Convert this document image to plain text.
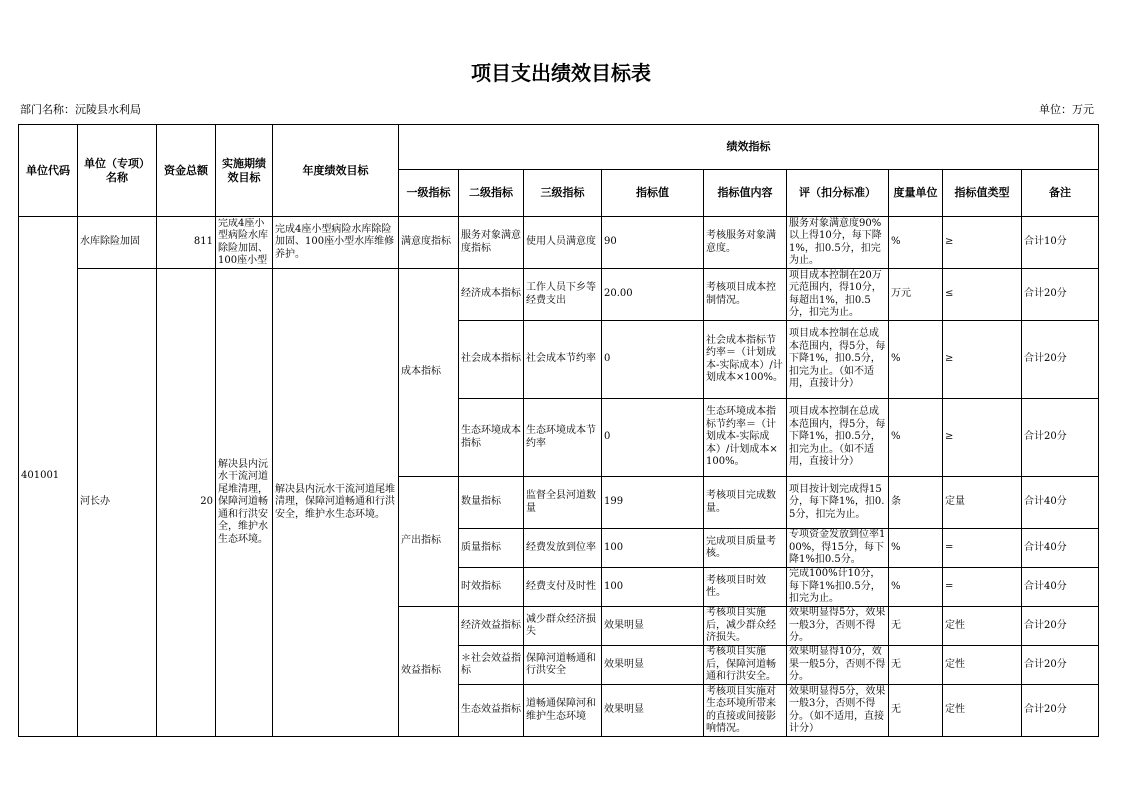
项目支出绩效目标表
部门名称：沅陵县水利局	单位：万元
单位代码	单位（专项）名称	资金总额	实施期绩效目标	年度绩效目标	绩效指标								
					一级指标	二级指标	三级指标	指标值	指标值内容	评（扣分标准）	度量单位	指标值类型	备注
401001	水库除险加固	811	完成4座小型病险水库除险加固、100座小型	完成4座小型病险水库除险加固、100座小型水库维修养护。	满意度指标	服务对象满意度指标	使用人员满意度	90	考核服务对象满意度。	服务对象满意度90%以上得10分，每下降1%，扣0.5分，扣完为止。	%	≥	合计10分
	河长办	20	解决县内沅水干流河道尾堆清理，保障河道畅通和行洪安全，维护水生态环境。	解决县内沅水干流河道尾堆清理，保障河道畅通和行洪安全，维护水生态环境。	成本指标	经济成本指标	工作人员下乡等经费支出	20.00	考核项目成本控制情况。	项目成本控制在20万元范围内，得10分，每超出1%，扣0.5分，扣完为止。	万元	≤	合计20分
						社会成本指标	社会成本节约率	0	社会成本指标节约率＝（计划成本-实际成本）/计划成本×100%。	项目成本控制在总成本范围内，得5分，每下降1%，扣0.5分，扣完为止。（如不适用，直接计分）	%	≥	合计20分
						生态环境成本指标	生态环境成本节约率	0	生态环境成本指标节约率＝（计划成本-实际成本）/计划成本×100%。	项目成本控制在总成本范围内，得5分，每下降1%，扣0.5分，扣完为止。（如不适用，直接计分）	%	≥	合计20分
					产出指标	数量指标	监督全县河道数量	199	考核项目完成数量。	项目按计划完成得15分，每下降1%，扣0.5分，扣完为止。	条	定量	合计40分
						质量指标	经费发放到位率	100	完成项目质量考核。	专项资金发放到位率100%，得15分，每下降1%扣0.5分。	%	=	合计40分
						时效指标	经费支付及时性	100	考核项目时效性。	完成100%计10分，每下降1%扣0.5分，扣完为止。	%	=	合计40分
					效益指标	经济效益指标	减少群众经济损失	效果明显	考核项目实施后，减少群众经济损失。	效果明显得5分，效果一般3分，否则不得分。	无	定性	合计20分
						＊社会效益指标	保障河道畅通和行洪安全	效果明显	考核项目实施后，保障河道畅通和行洪安全。	效果明显得10分，效果一般5分，否则不得分。	无	定性	合计20分
						生态效益指标	道畅通保障河和维护生态环境	效果明显	考核项目实施对生态环境所带来的直接或间接影响情况。	效果明显得5分，效果一般3分，否则不得分。（如不适用，直接计分）	无	定性	合计20分
